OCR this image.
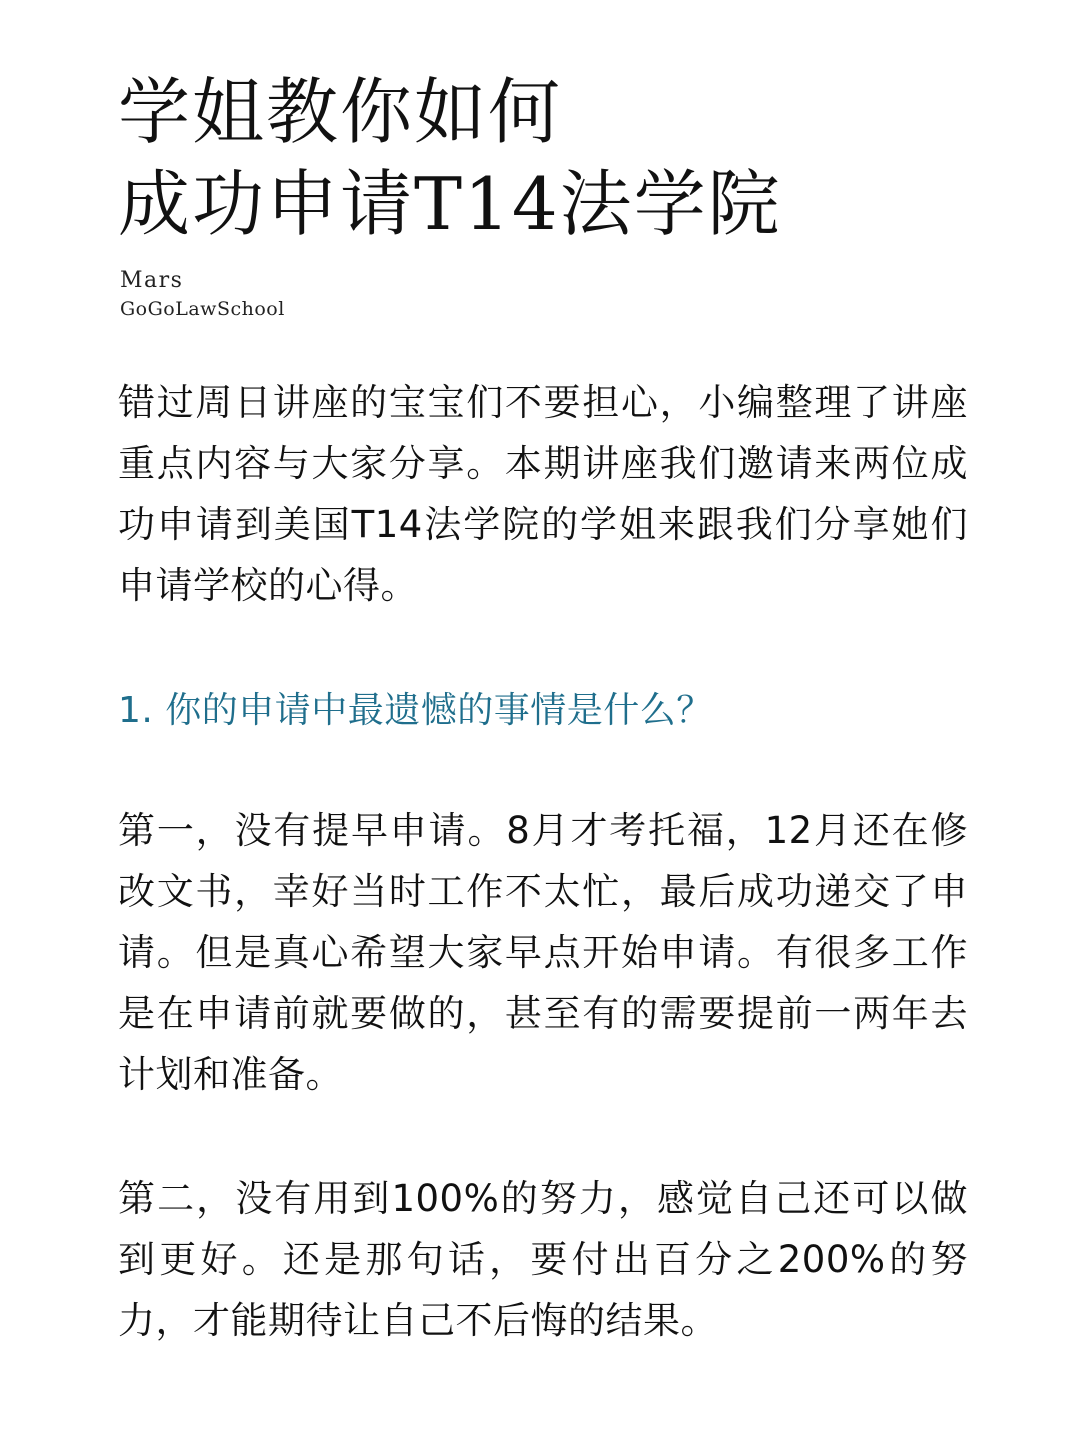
学姐教你如何
成功申请T14法学院
Mars
GoGoLawSchool

错过周日讲座的宝宝们不要担心，小编整理了讲座重点内容与大家分享。本期讲座我们邀请来两位成功申请到美国T14法学院的学姐来跟我们分享她们申请学校的心得。

1. 你的申请中最遗憾的事情是什么？

第一，没有提早申请。8月才考托福，12月还在修改文书，幸好当时工作不太忙，最后成功递交了申请。但是真心希望大家早点开始申请。有很多工作是在申请前就要做的，甚至有的需要提前一两年去计划和准备。

第二，没有用到100%的努力，感觉自己还可以做到更好。还是那句话，要付出百分之200%的努力，才能期待让自己不后悔的结果。
